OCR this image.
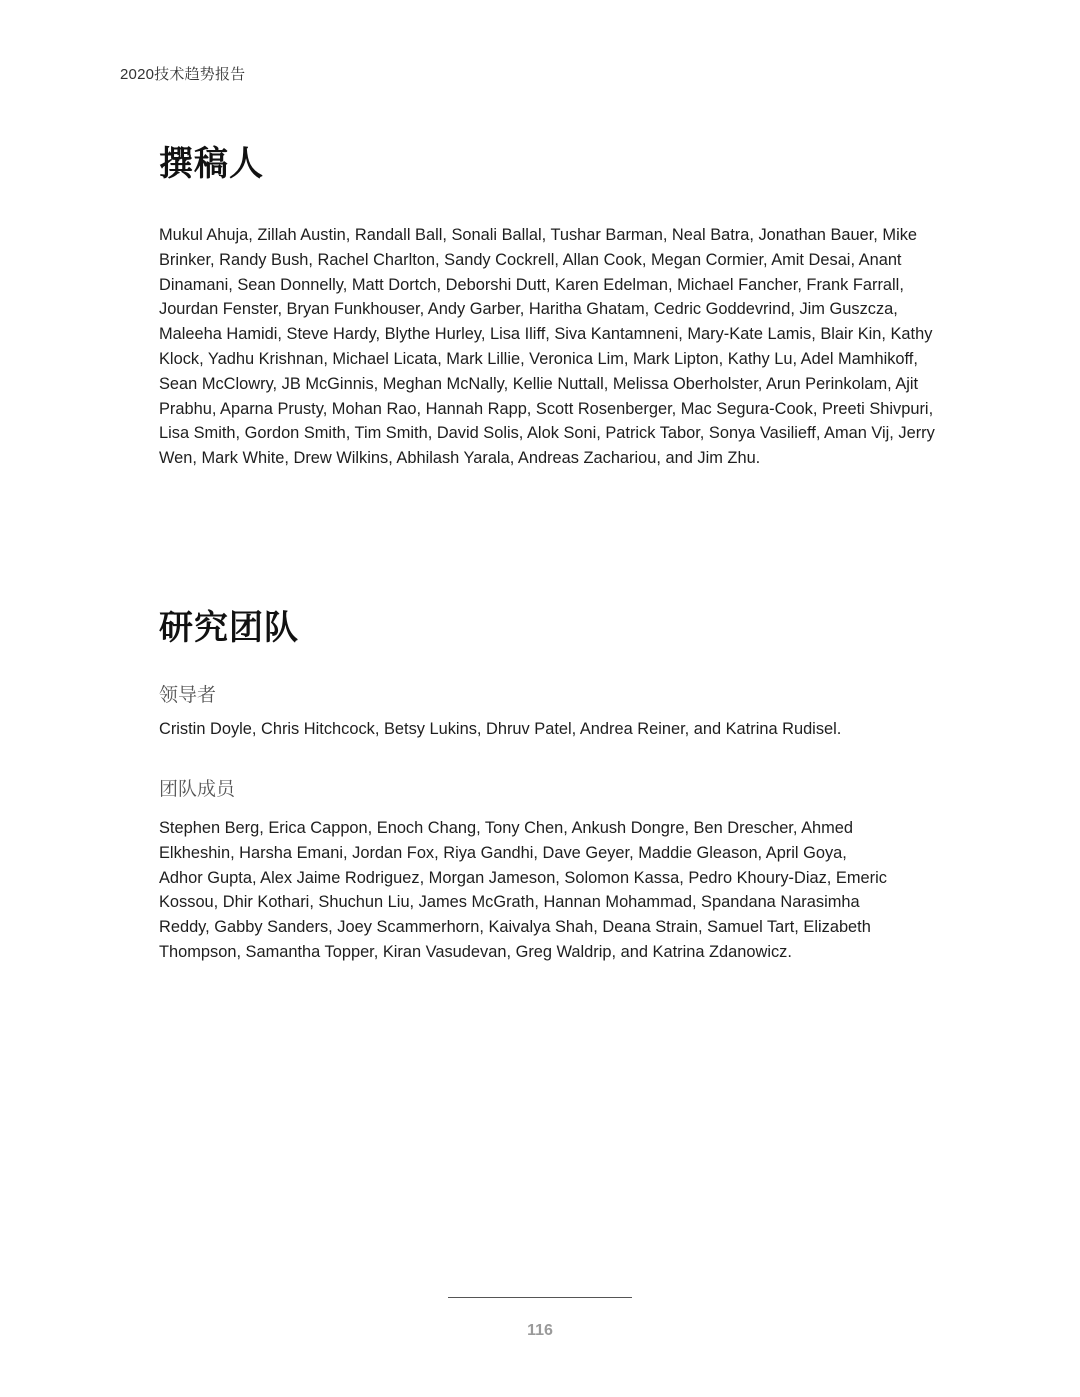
2020技术趋势报告
撰稿人

Mukul Ahuja, Zillah Austin, Randall Ball, Sonali Ballal, Tushar Barman, Neal Batra, Jonathan Bauer, Mike Brinker, Randy Bush, Rachel Charlton, Sandy Cockrell, Allan Cook, Megan Cormier, Amit Desai, Anant Dinamani, Sean Donnelly, Matt Dortch, Deborshi Dutt, Karen Edelman, Michael Fancher, Frank Farrall, Jourdan Fenster, Bryan Funkhouser, Andy Garber, Haritha Ghatam, Cedric Goddevrind, Jim Guszcza, Maleeha Hamidi, Steve Hardy, Blythe Hurley, Lisa Iliff, Siva Kantamneni, Mary-Kate Lamis, Blair Kin, Kathy Klock, Yadhu Krishnan, Michael Licata, Mark Lillie, Veronica Lim, Mark Lipton, Kathy Lu, Adel Mamhikoff, Sean McClowry, JB McGinnis, Meghan McNally, Kellie Nuttall, Melissa Oberholster, Arun Perinkolam, Ajit Prabhu, Aparna Prusty, Mohan Rao, Hannah Rapp, Scott Rosenberger, Mac Segura-Cook, Preeti Shivpuri, Lisa Smith, Gordon Smith, Tim Smith, David Solis, Alok Soni, Patrick Tabor, Sonya Vasilieff, Aman Vij, Jerry Wen, Mark White, Drew Wilkins, Abhilash Yarala, Andreas Zachariou, and Jim Zhu.

研究团队
领导者

Cristin Doyle, Chris Hitchcock, Betsy Lukins, Dhruv Patel, Andrea Reiner, and Katrina Rudisel.

团队成员

Stephen Berg, Erica Cappon, Enoch Chang, Tony Chen, Ankush Dongre, Ben Drescher, Ahmed Elkheshin, Harsha Emani, Jordan Fox, Riya Gandhi, Dave Geyer, Maddie Gleason, April Goya, Adhor Gupta, Alex Jaime Rodriguez, Morgan Jameson, Solomon Kassa, Pedro Khoury-Diaz, Emeric Kossou, Dhir Kothari, Shuchun Liu, James McGrath, Hannan Mohammad, Spandana Narasimha Reddy, Gabby Sanders, Joey Scammerhorn, Kaivalya Shah, Deana Strain, Samuel Tart, Elizabeth Thompson, Samantha Topper, Kiran Vasudevan, Greg Waldrip, and Katrina Zdanowicz.

116
